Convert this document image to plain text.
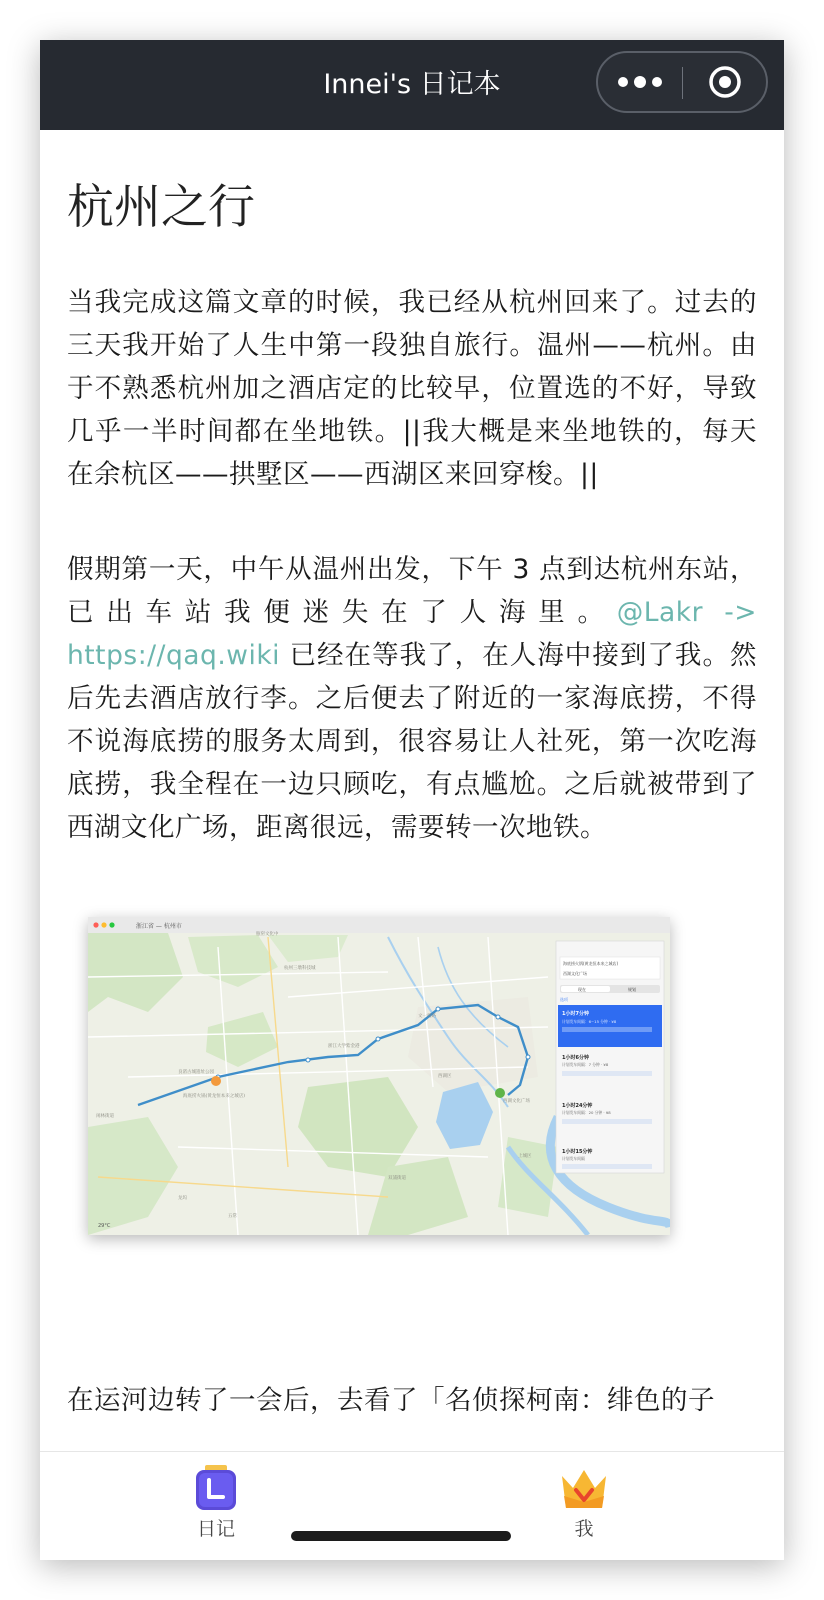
Innei's 日记本
杭州之行
当我完成这篇文章的时候，我已经从杭州回来了。过去的三天我开始了人生中第一段独自旅行。温州——杭州。由于不熟悉杭州加之酒店定的比较早，位置选的不好，导致几乎一半时间都在坐地铁。||我大概是来坐地铁的，每天在余杭区——拱墅区——西湖区来回穿梭。||
假期第一天，中午从温州出发，下午 3 点到达杭州东站，已出车站我便迷失在了人海里。@Lakr -> https://qaq.wiki 已经在等我了，在人海中接到了我。然后先去酒店放行李。之后便去了附近的一家海底捞，不得不说海底捞的服务太周到，很容易让人社死，第一次吃海底捞，我全程在一边只顾吃，有点尴尬。之后就被带到了西湖文化广场，距离很远，需要转一次地铁。
浙江省 — 杭州市
瓶窑文化中
杭州三墩科技城
良渚古城遗址公园
海底捞火锅(黄龙恒本来之城店)
闲林街道
浙江大学紫金港
文一西路
西湖区
西湖文化广场
双浦街道
上城区
龙坞
五常
海底捞火锅(黄龙恒本来之城店)
西湖文化广场
现在	规划
选项
1小时7分钟
计划发车间隔：6~15 分钟 · ¥8
1小时6分钟
计划发车间隔：7 分钟 · ¥8
1小时24分钟
计划发车间隔：20 分钟 · ¥8
1小时15分钟
计划发车间隔
29°C
在运河边转了一会后，去看了「名侦探柯南：绯色的子
日记	我
